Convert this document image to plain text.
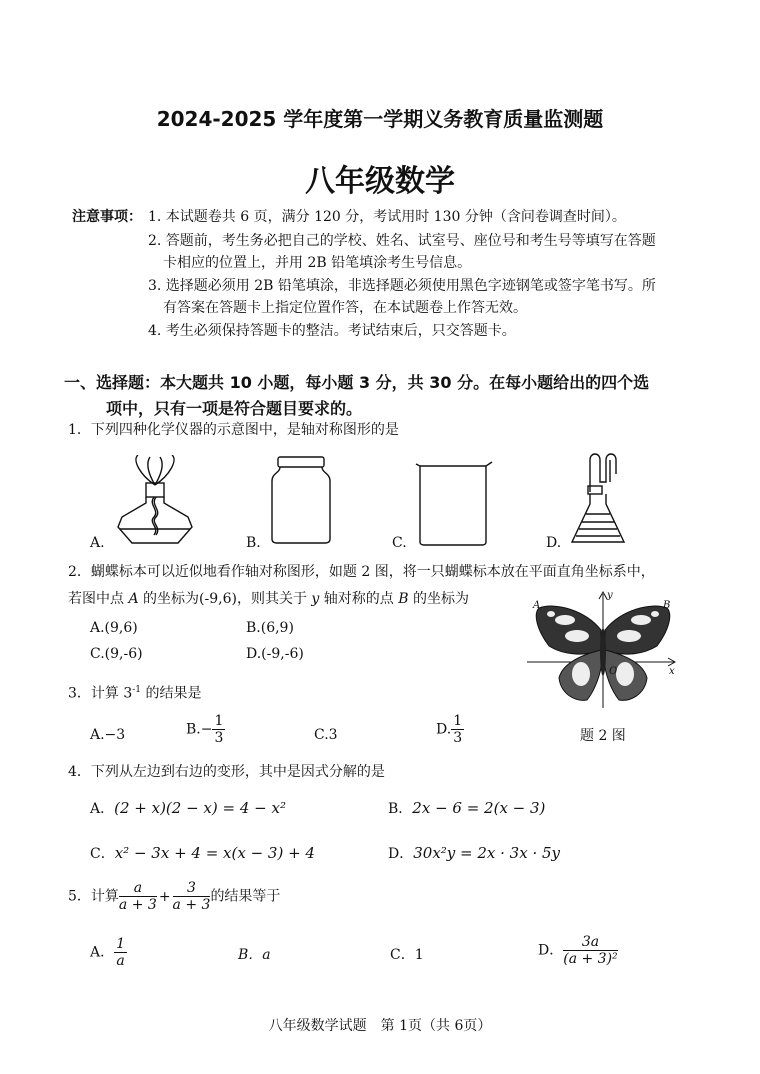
2024-2025 学年度第一学期义务教育质量监测题
八年级数学
注意事项： 1. 本试题卷共 6 页，满分 120 分，考试用时 130 分钟（含问卷调查时间）。
2. 答题前，考生务必把自己的学校、姓名、试室号、座位号和考生号等填写在答题
卡相应的位置上，并用 2B 铅笔填涂考生号信息。
3. 选择题必须用 2B 铅笔填涂，非选择题必须使用黑色字迹钢笔或签字笔书写。所
有答案在答题卡上指定位置作答，在本试题卷上作答无效。
4. 考生必须保持答题卡的整洁。考试结束后，只交答题卡。
一、选择题：本大题共 10 小题，每小题 3 分，共 30 分。在每小题给出的四个选
项中，只有一项是符合题目要求的。
1．下列四种化学仪器的示意图中，是轴对称图形的是
A.	B.	C.	D.
2．蝴蝶标本可以近似地看作轴对称图形，如题 2 图，将一只蝴蝶标本放在平面直角坐标系中，
若图中点 A 的坐标为(-9,6)，则其关于 y 轴对称的点 B 的坐标为
A.(9,6)	B.(6,9)
C.(9,-6)	D.(-9,-6)
A	B
y
x
O
题 2 图
3．计算 $3^{-1}$ 的结果是
A.−3	$B.- \frac{1}{3}$	C.3	D. $\frac{1}{3}$
4．下列从左边到右边的变形，其中是因式分解的是
A．(2 + x)(2 − x) = 4 − x²	B．2x − 6 = 2(x − 3)
C．x² − 3x + 4 = x(x − 3) + 4	D．30x²y = 2x · 3x · 5y
5．计算 $\frac{a}{a + 3} + \frac{3}{a + 3}$ 的结果等于
A． $\frac{1}{a}$	B．a	C．1	D． $\frac{3a}{\text{(a + 3)²}}$
八年级数学试题　第 1页（共 6页）
